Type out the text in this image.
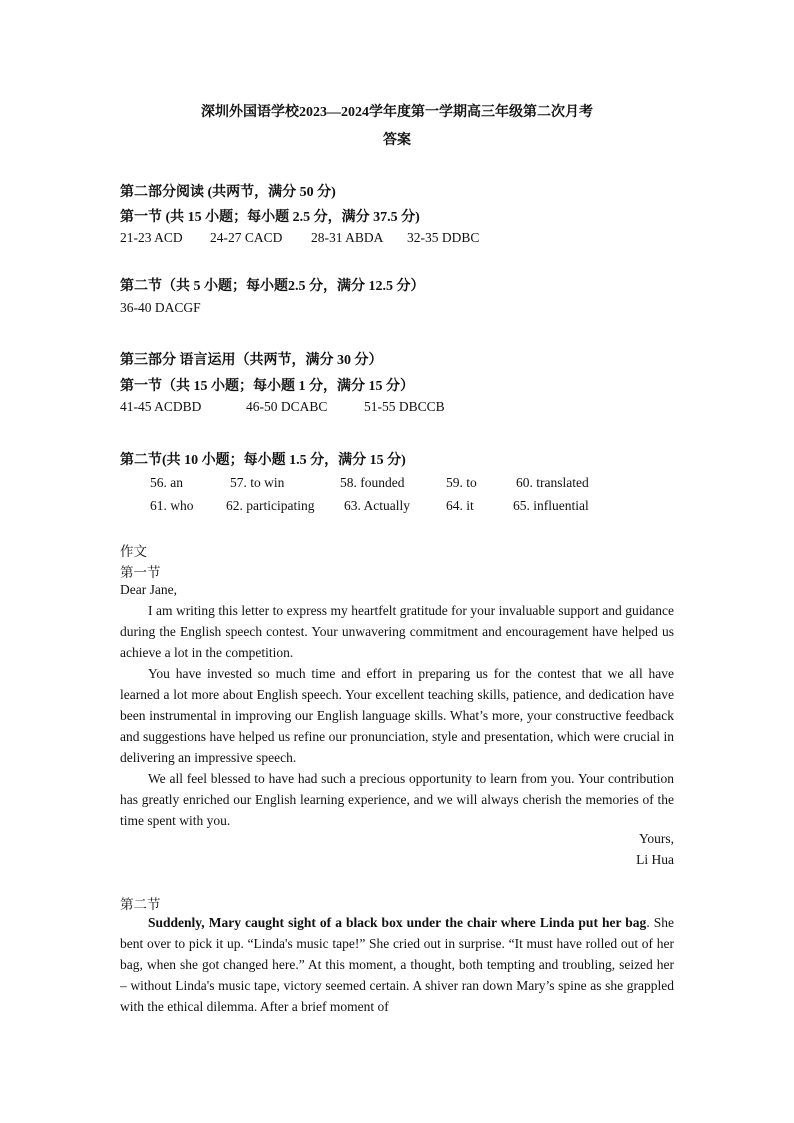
深圳外国语学校2023—2024学年度第一学期高三年级第二次月考
答案
第二部分阅读 (共两节，满分 50 分)
第一节 (共 15 小题；每小题 2.5 分，满分 37.5 分)
21-23 ACD 24-27 CACD 28-31 ABDA 32-35 DDBC
第二节（共 5 小题；每小题2.5 分，满分 12.5 分）
36-40 DACGF
第三部分 语言运用（共两节，满分 30 分）
第一节（共 15 小题；每小题 1 分，满分 15 分）
41-45 ACDBD	46-50 DCABC	51-55 DBCCB
第二节(共 10 小题；每小题 1.5 分，满分 15 分)
56. an	57. to win	58. founded	59. to	60. translated
61. who 62. participating 63. Actually	64. it	65. influential
作文
第一节
Dear Jane,

I am writing this letter to express my heartfelt gratitude for your invaluable support and guidance during the English speech contest. Your unwavering commitment and encouragement have helped us achieve a lot in the competition.

You have invested so much time and effort in preparing us for the contest that we all have learned a lot more about English speech. Your excellent teaching skills, patience, and dedication have been instrumental in improving our English language skills. What’s more, your constructive feedback and suggestions have helped us refine our pronunciation, style and presentation, which were crucial in delivering an impressive speech.

We all feel blessed to have had such a precious opportunity to learn from you. Your contribution has greatly enriched our English learning experience, and we will always cherish the memories of the time spent with you.

Yours,
Li Hua
第二节

Suddenly, Mary caught sight of a black box under the chair where Linda put her bag. She bent over to pick it up. “Linda's music tape!” She cried out in surprise. “It must have rolled out of her bag, when she got changed here.” At this moment, a thought, both tempting and troubling, seized her – without Linda's music tape, victory seemed certain. A shiver ran down Mary’s spine as she grappled with the ethical dilemma. After a brief moment of
